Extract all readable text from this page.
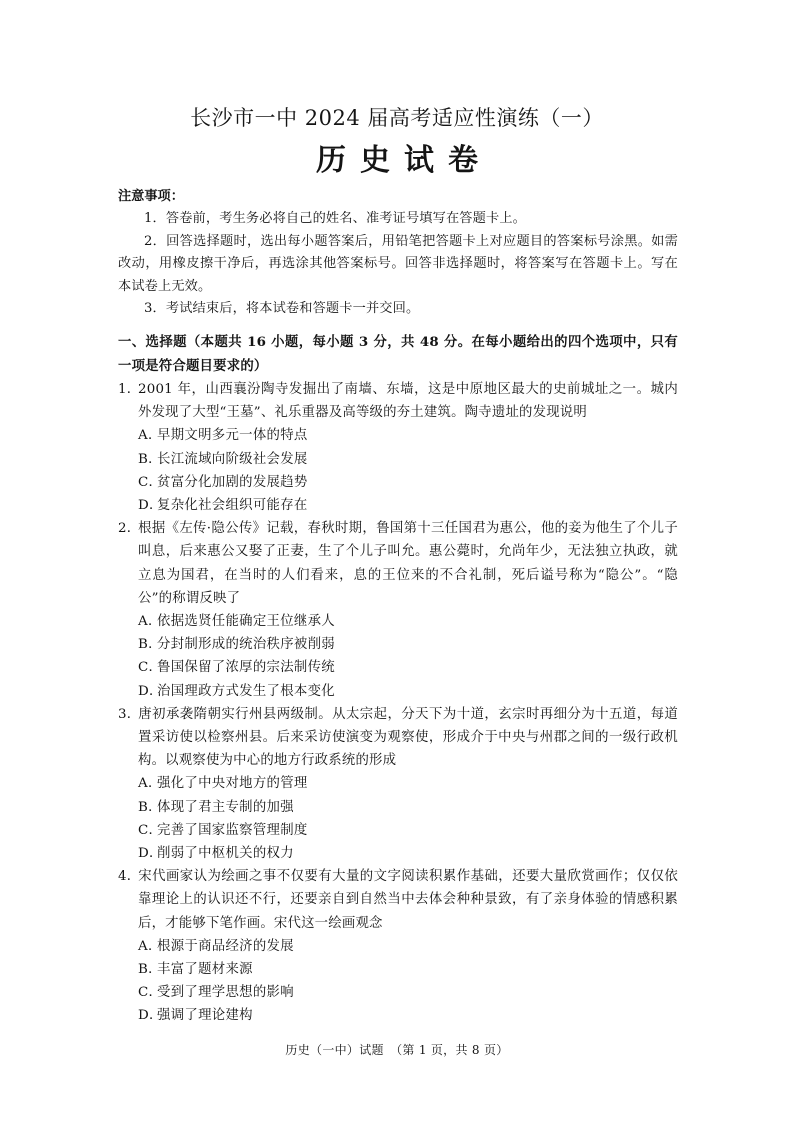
长沙市一中 2024 届高考适应性演练（一）
历史试卷
注意事项：
1．答卷前，考生务必将自己的姓名、准考证号填写在答题卡上。
2．回答选择题时，选出每小题答案后，用铅笔把答题卡上对应题目的答案标号涂黑。如需改动，用橡皮擦干净后，再选涂其他答案标号。回答非选择题时，将答案写在答题卡上。写在本试卷上无效。
3．考试结束后，将本试卷和答题卡一并交回。
一、选择题（本题共 16 小题，每小题 3 分，共 48 分。在每小题给出的四个选项中，只有一项是符合题目要求的）
1．2001 年，山西襄汾陶寺发掘出了南墙、东墙，这是中原地区最大的史前城址之一。城内外发现了大型“王墓”、礼乐重器及高等级的夯土建筑。陶寺遗址的发现说明
A．早期文明多元一体的特点
B．长江流域向阶级社会发展
C．贫富分化加剧的发展趋势
D．复杂化社会组织可能存在
2．根据《左传·隐公传》记载，春秋时期，鲁国第十三任国君为惠公，他的妾为他生了个儿子叫息，后来惠公又娶了正妻，生了个儿子叫允。惠公薨时，允尚年少，无法独立执政，就立息为国君，在当时的人们看来，息的王位来的不合礼制，死后谥号称为“隐公”。“隐公”的称谓反映了
A．依据选贤任能确定王位继承人
B．分封制形成的统治秩序被削弱
C．鲁国保留了浓厚的宗法制传统
D．治国理政方式发生了根本变化
3．唐初承袭隋朝实行州县两级制。从太宗起，分天下为十道，玄宗时再细分为十五道，每道置采访使以检察州县。后来采访使演变为观察使，形成介于中央与州郡之间的一级行政机构。以观察使为中心的地方行政系统的形成
A．强化了中央对地方的管理
B．体现了君主专制的加强
C．完善了国家监察管理制度
D．削弱了中枢机关的权力
4．宋代画家认为绘画之事不仅要有大量的文字阅读积累作基础，还要大量欣赏画作；仅仅依靠理论上的认识还不行，还要亲自到自然当中去体会种种景致，有了亲身体验的情感积累后，才能够下笔作画。宋代这一绘画观念
A．根源于商品经济的发展
B．丰富了题材来源
C．受到了理学思想的影响
D．强调了理论建构
历史（一中）试题　（第 1 页，共 8 页）
